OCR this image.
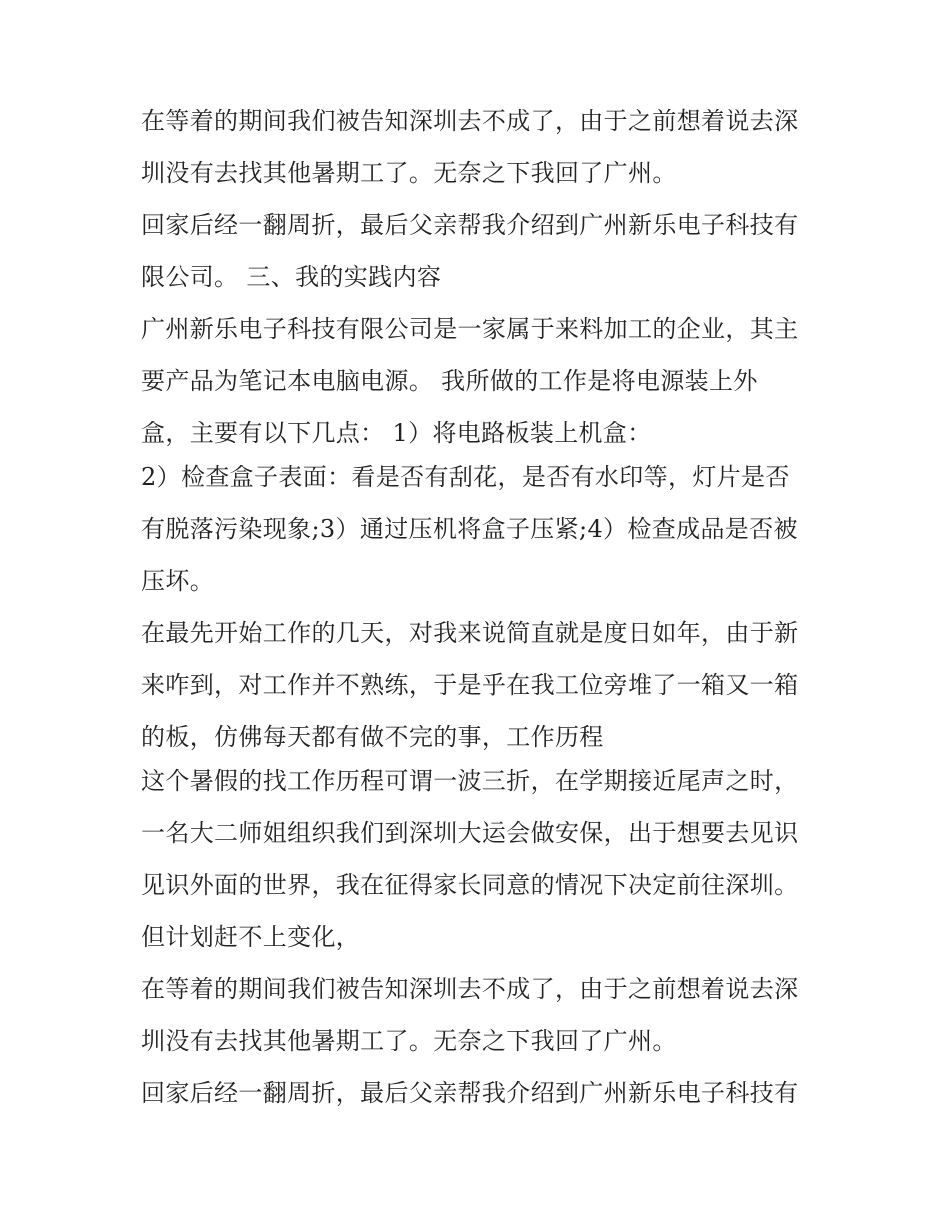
在等着的期间我们被告知深圳去不成了，由于之前想着说去深
圳没有去找其他暑期工了。无奈之下我回了广州。
回家后经一翻周折，最后父亲帮我介绍到广州新乐电子科技有
限公司。 三、我的实践内容
广州新乐电子科技有限公司是一家属于来料加工的企业，其主
要产品为笔记本电脑电源。 我所做的工作是将电源装上外
盒，主要有以下几点： 1）将电路板装上机盒：
2）检查盒子表面：看是否有刮花，是否有水印等，灯片是否
有脱落污染现象;3）通过压机将盒子压紧;4）检查成品是否被
压坏。
在最先开始工作的几天，对我来说简直就是度日如年，由于新
来咋到，对工作并不熟练，于是乎在我工位旁堆了一箱又一箱
的板，仿佛每天都有做不完的事，工作历程
这个暑假的找工作历程可谓一波三折，在学期接近尾声之时，
一名大二师姐组织我们到深圳大运会做安保，出于想要去见识
见识外面的世界，我在征得家长同意的情况下决定前往深圳。
但计划赶不上变化，
在等着的期间我们被告知深圳去不成了，由于之前想着说去深
圳没有去找其他暑期工了。无奈之下我回了广州。
回家后经一翻周折，最后父亲帮我介绍到广州新乐电子科技有
